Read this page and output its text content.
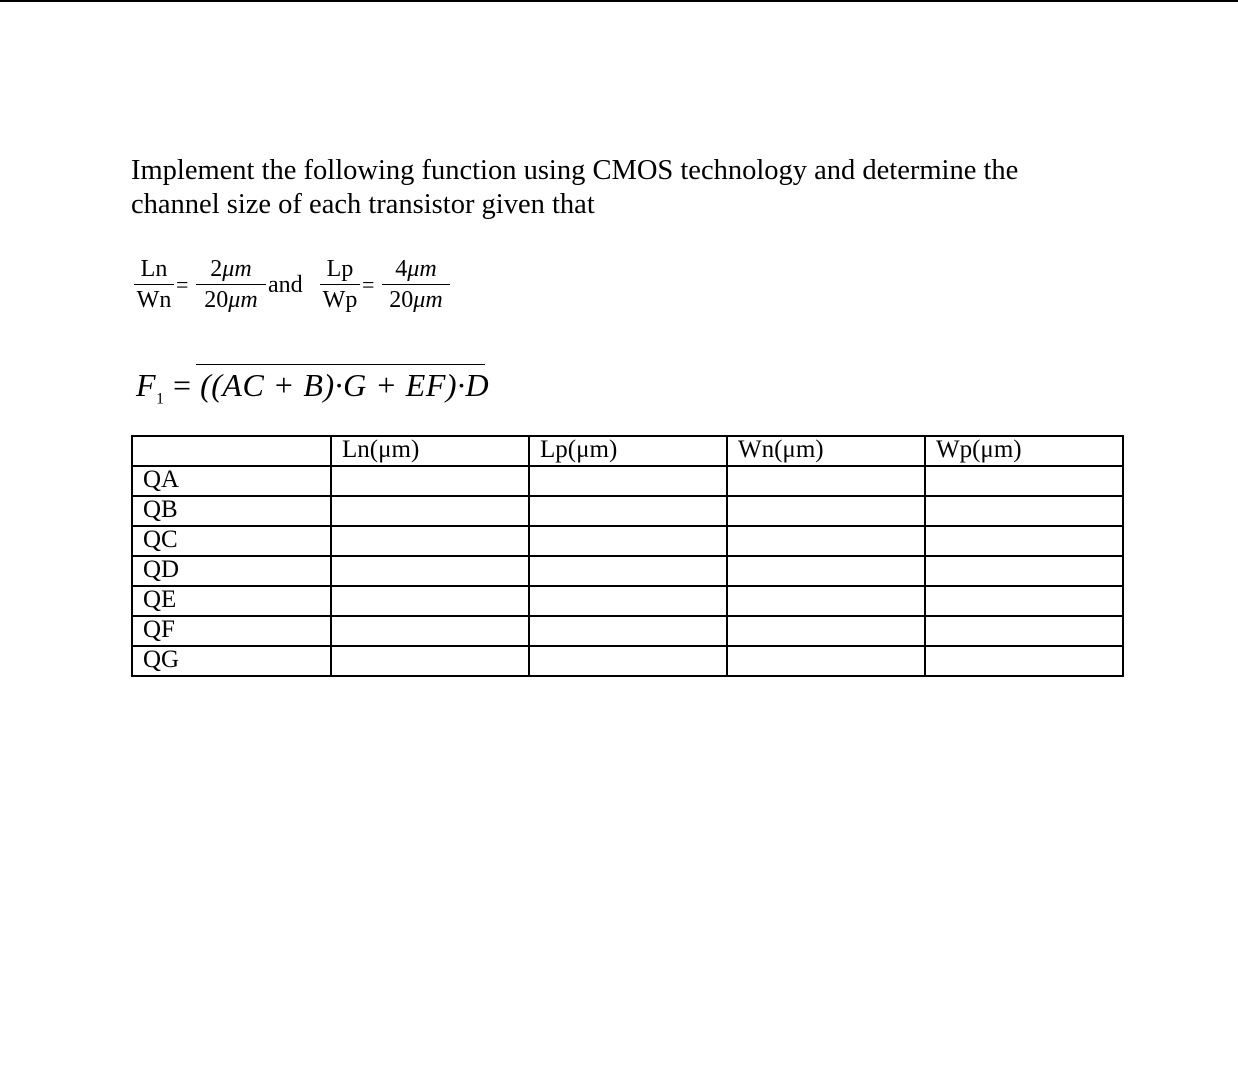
Implement the following function using CMOS technology and determine the
channel size of each transistor given that

Ln
Wn
=
2μm
20μm
and
Lp
Wp
=
4μm
20μm
$F_1 = ((AC + B)\cdot G + EF)\cdot D$
	Ln(μm)	Lp(μm)	Wn(μm)	Wp(μm)
QA				
QB				
QC				
QD				
QE				
QF				
QG				
